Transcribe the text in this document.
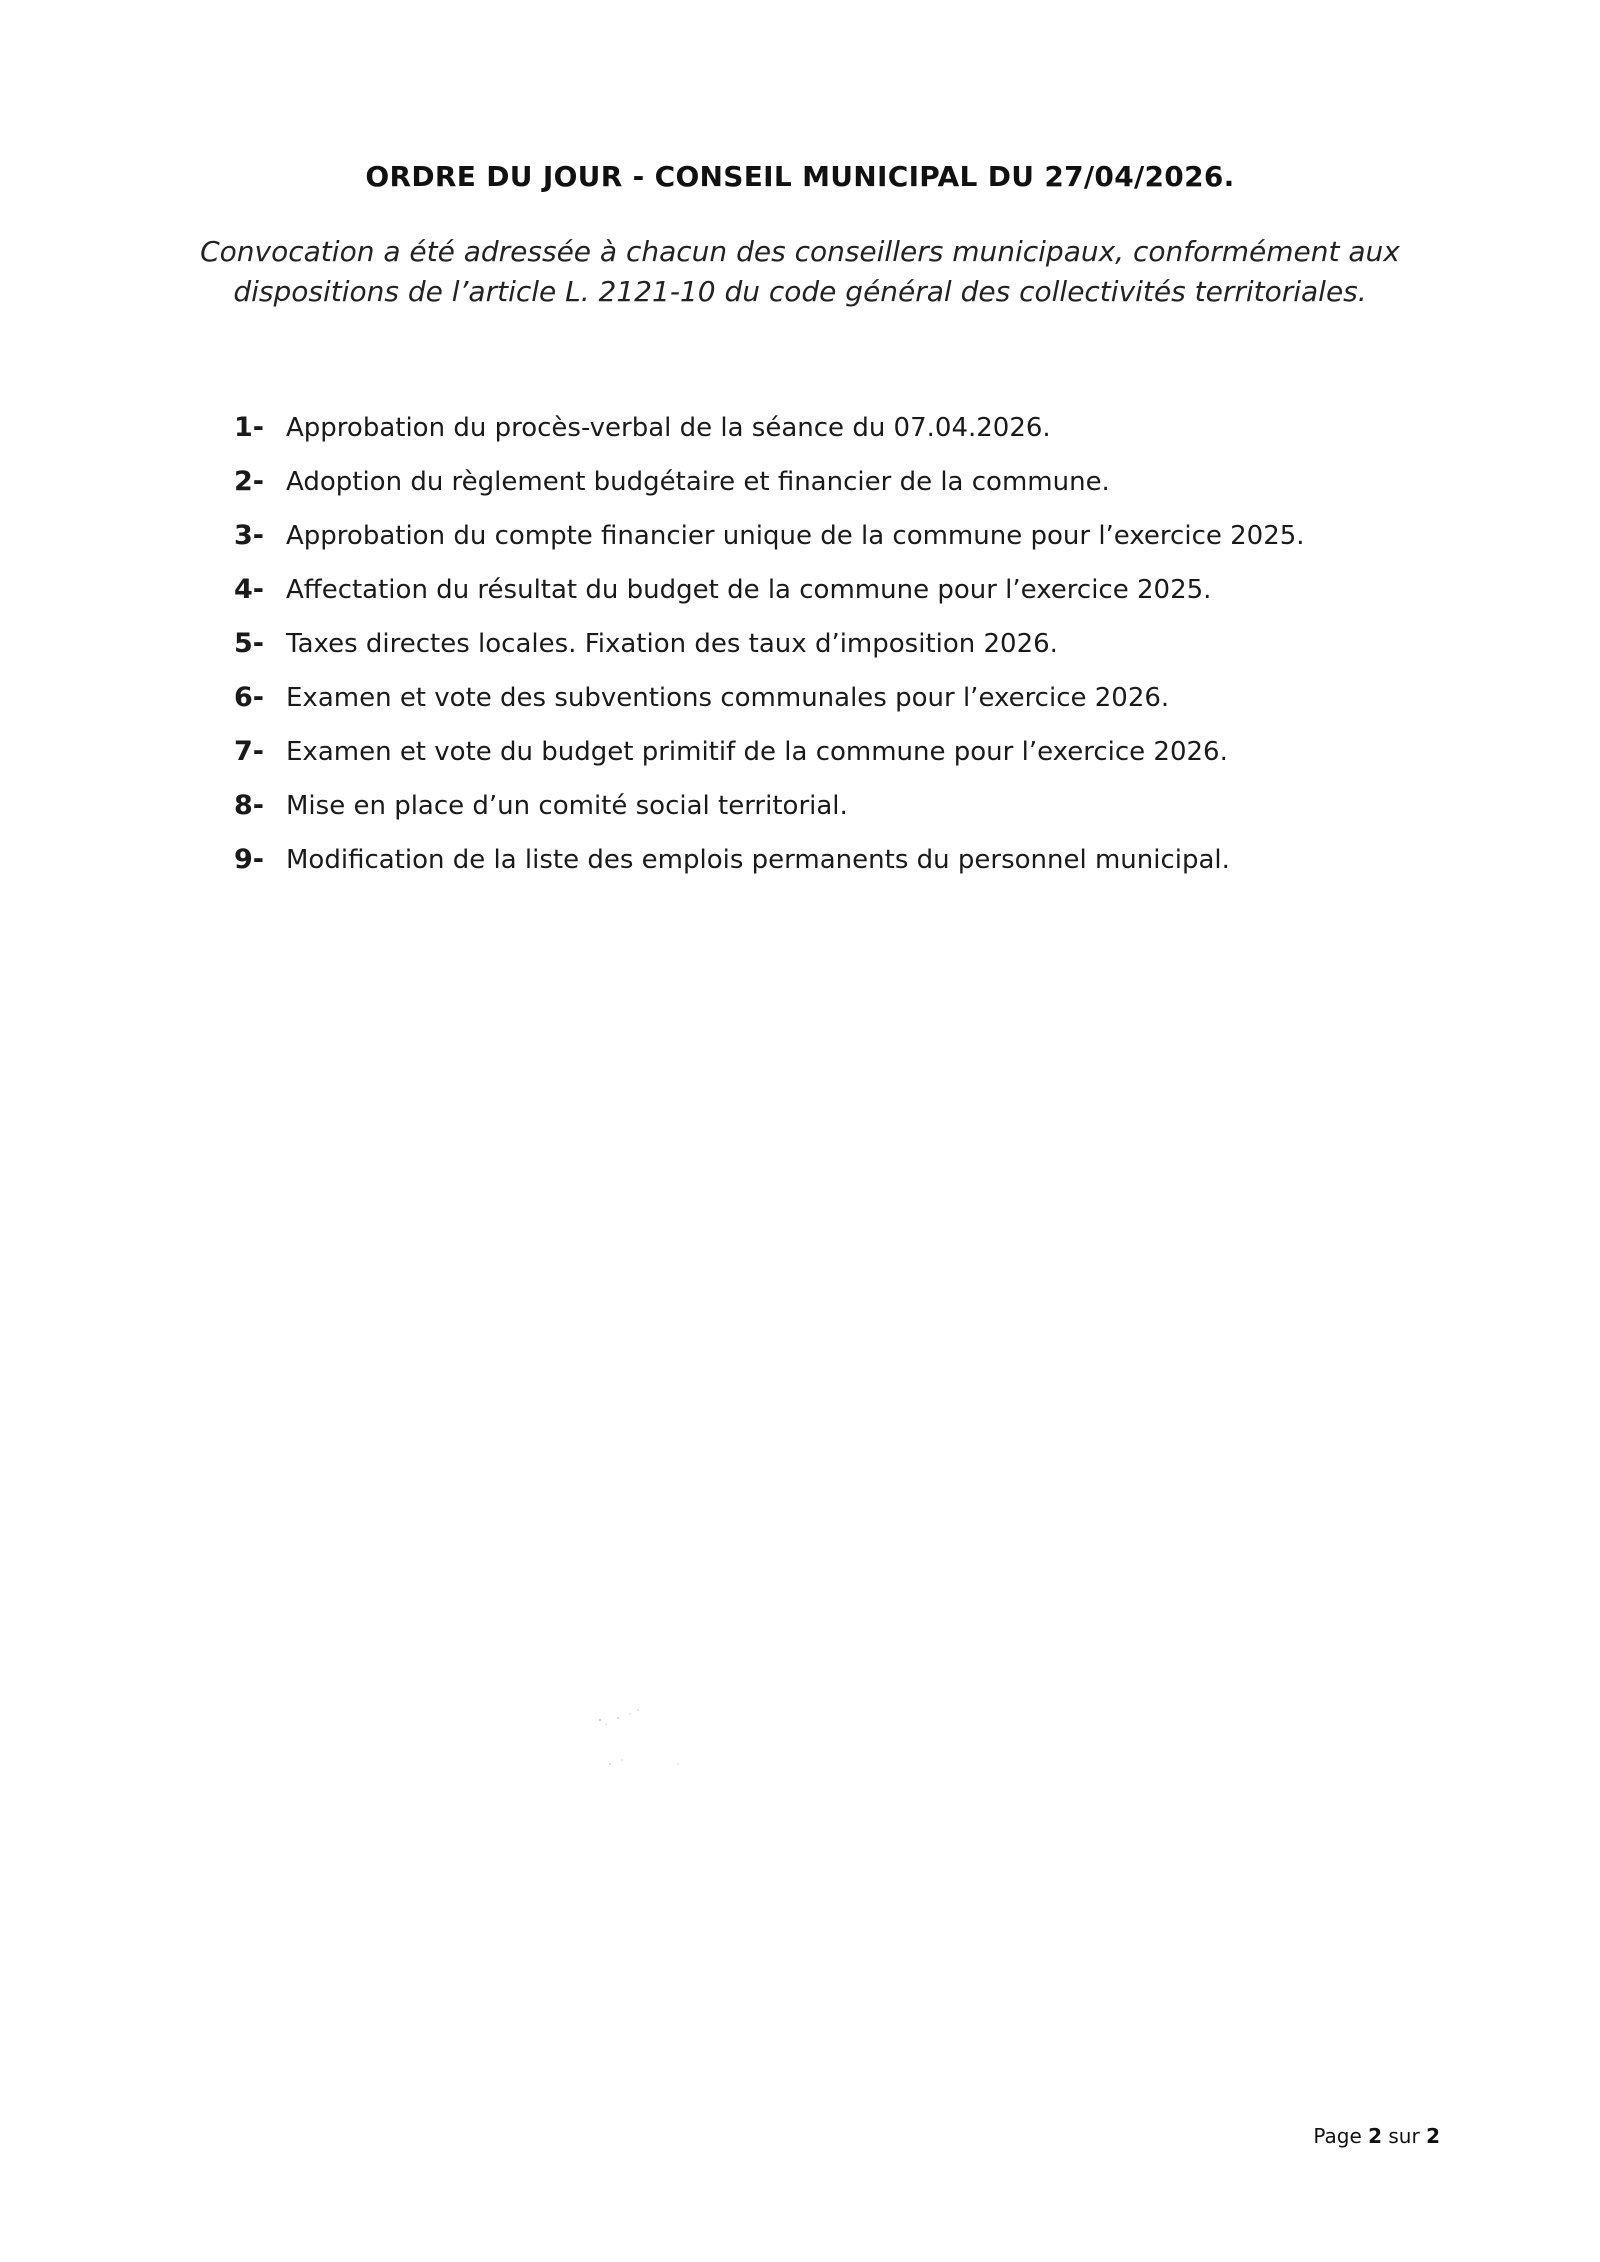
ORDRE DU JOUR - CONSEIL MUNICIPAL DU 27/04/2026.
Convocation a été adressée à chacun des conseillers municipaux, conformément aux
dispositions de l’article L. 2121-10 du code général des collectivités territoriales.
1- Approbation du procès-verbal de la séance du 07.04.2026.
2- Adoption du règlement budgétaire et financier de la commune.
3- Approbation du compte financier unique de la commune pour l’exercice 2025.
4- Affectation du résultat du budget de la commune pour l’exercice 2025.
5- Taxes directes locales. Fixation des taux d’imposition 2026.
6- Examen et vote des subventions communales pour l’exercice 2026.
7- Examen et vote du budget primitif de la commune pour l’exercice 2026.
8- Mise en place d’un comité social territorial.
9- Modification de la liste des emplois permanents du personnel municipal.
Page 2 sur 2
